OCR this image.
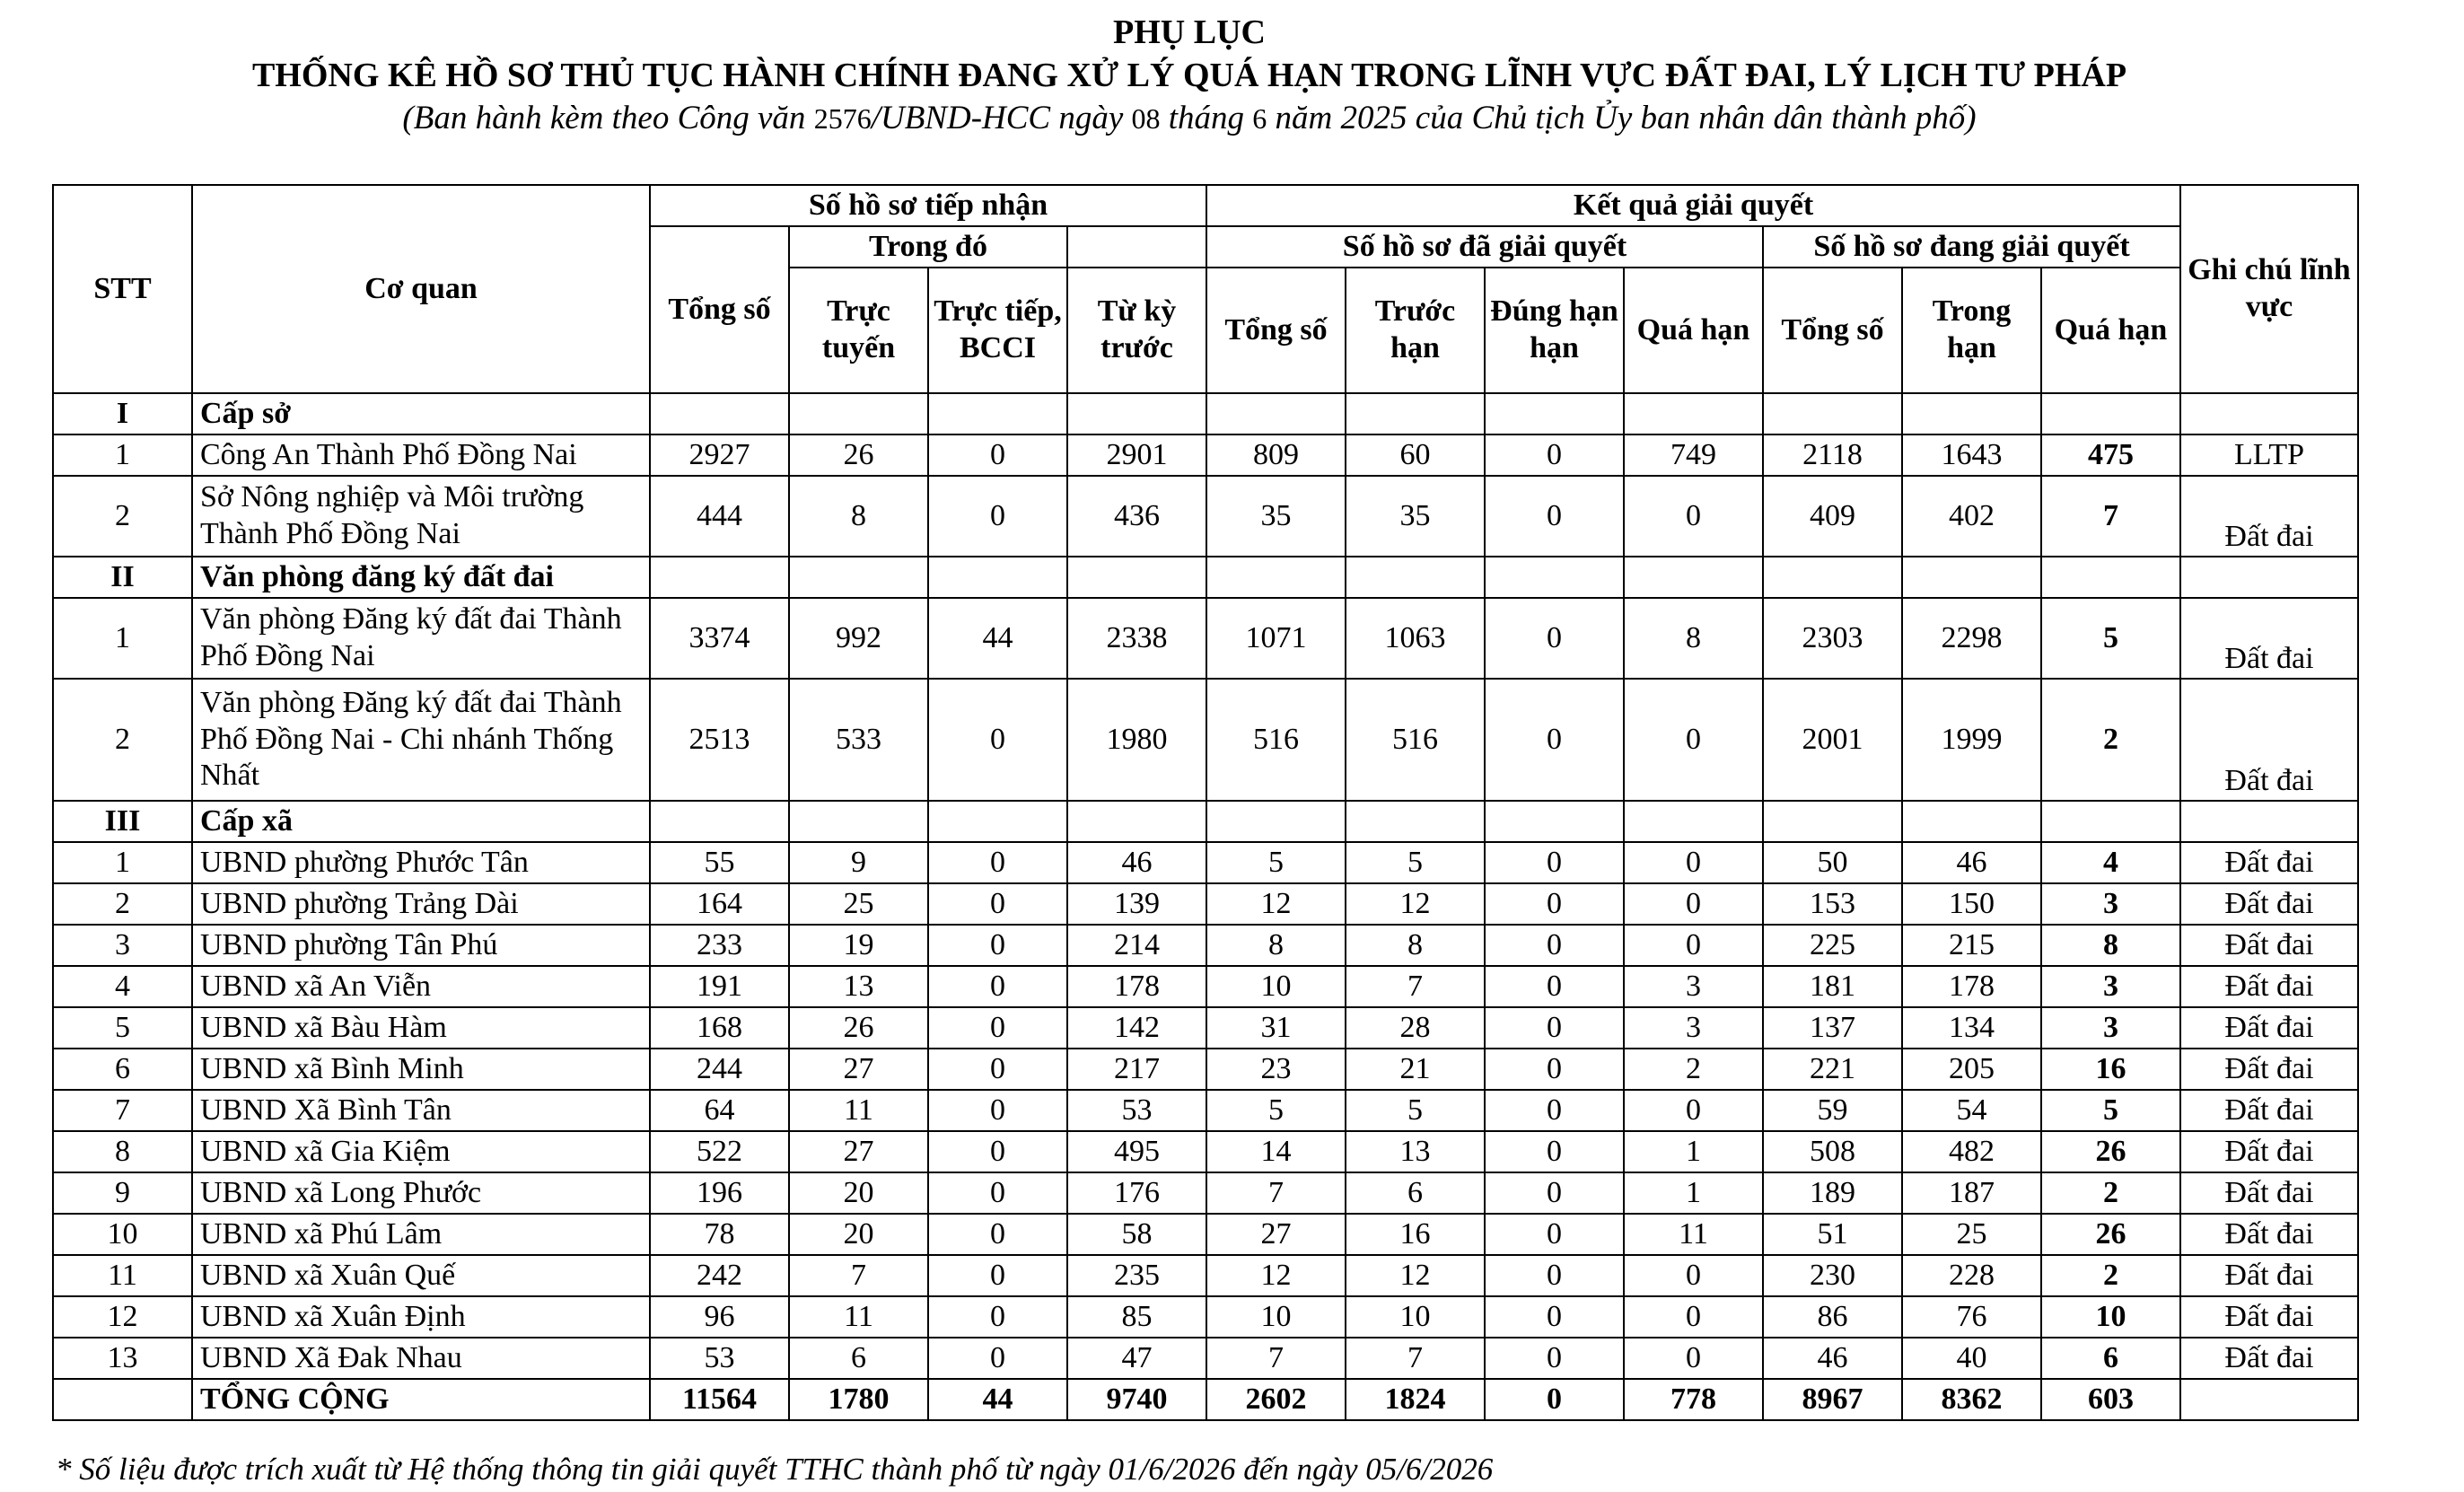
PHỤ LỤC
THỐNG KÊ HỒ SƠ THỦ TỤC HÀNH CHÍNH ĐANG XỬ LÝ QUÁ HẠN TRONG LĨNH VỰC ĐẤT ĐAI, LÝ LỊCH TƯ PHÁP
(Ban hành kèm theo Công văn 2576/UBND-HCC ngày 08 tháng 6 năm 2025 của Chủ tịch Ủy ban nhân dân thành phố)
STT	Cơ quan	Số hồ sơ tiếp nhận				Kết quả giải quyết							Ghi chú lĩnh vực
		Tổng số	Trong đó			Số hồ sơ đã giải quyết				Số hồ sơ đang giải quyết			
			Trực tuyến	Trực tiếp, BCCI	Từ kỳ trước	Tổng số	Trước hạn	Đúng hạn hạn	Quá hạn	Tổng số	Trong hạn	Quá hạn	
I	Cấp sở												
1	Công An Thành Phố Đồng Nai	2927	26	0	2901	809	60	0	749	2118	1643	475	LLTP
2	Sở Nông nghiệp và Môi trường Thành Phố Đồng Nai	444	8	0	436	35	35	0	0	409	402	7	Đất đai
II	Văn phòng đăng ký đất đai												
1	Văn phòng Đăng ký đất đai Thành Phố Đồng Nai	3374	992	44	2338	1071	1063	0	8	2303	2298	5	Đất đai
2	Văn phòng Đăng ký đất đai Thành Phố Đồng Nai - Chi nhánh Thống Nhất	2513	533	0	1980	516	516	0	0	2001	1999	2	Đất đai
III	Cấp xã												
1	UBND phường Phước Tân	55	9	0	46	5	5	0	0	50	46	4	Đất đai
2	UBND phường Trảng Dài	164	25	0	139	12	12	0	0	153	150	3	Đất đai
3	UBND phường Tân Phú	233	19	0	214	8	8	0	0	225	215	8	Đất đai
4	UBND xã An Viễn	191	13	0	178	10	7	0	3	181	178	3	Đất đai
5	UBND xã Bàu Hàm	168	26	0	142	31	28	0	3	137	134	3	Đất đai
6	UBND xã Bình Minh	244	27	0	217	23	21	0	2	221	205	16	Đất đai
7	UBND Xã Bình Tân	64	11	0	53	5	5	0	0	59	54	5	Đất đai
8	UBND xã Gia Kiệm	522	27	0	495	14	13	0	1	508	482	26	Đất đai
9	UBND xã Long Phước	196	20	0	176	7	6	0	1	189	187	2	Đất đai
10	UBND xã Phú Lâm	78	20	0	58	27	16	0	11	51	25	26	Đất đai
11	UBND xã Xuân Quế	242	7	0	235	12	12	0	0	230	228	2	Đất đai
12	UBND xã Xuân Định	96	11	0	85	10	10	0	0	86	76	10	Đất đai
13	UBND Xã Đak Nhau	53	6	0	47	7	7	0	0	46	40	6	Đất đai
	TỔNG CỘNG	11564	1780	44	9740	2602	1824	0	778	8967	8362	603	
* Số liệu được trích xuất từ Hệ thống thông tin giải quyết TTHC thành phố từ ngày 01/6/2026 đến ngày 05/6/2026
